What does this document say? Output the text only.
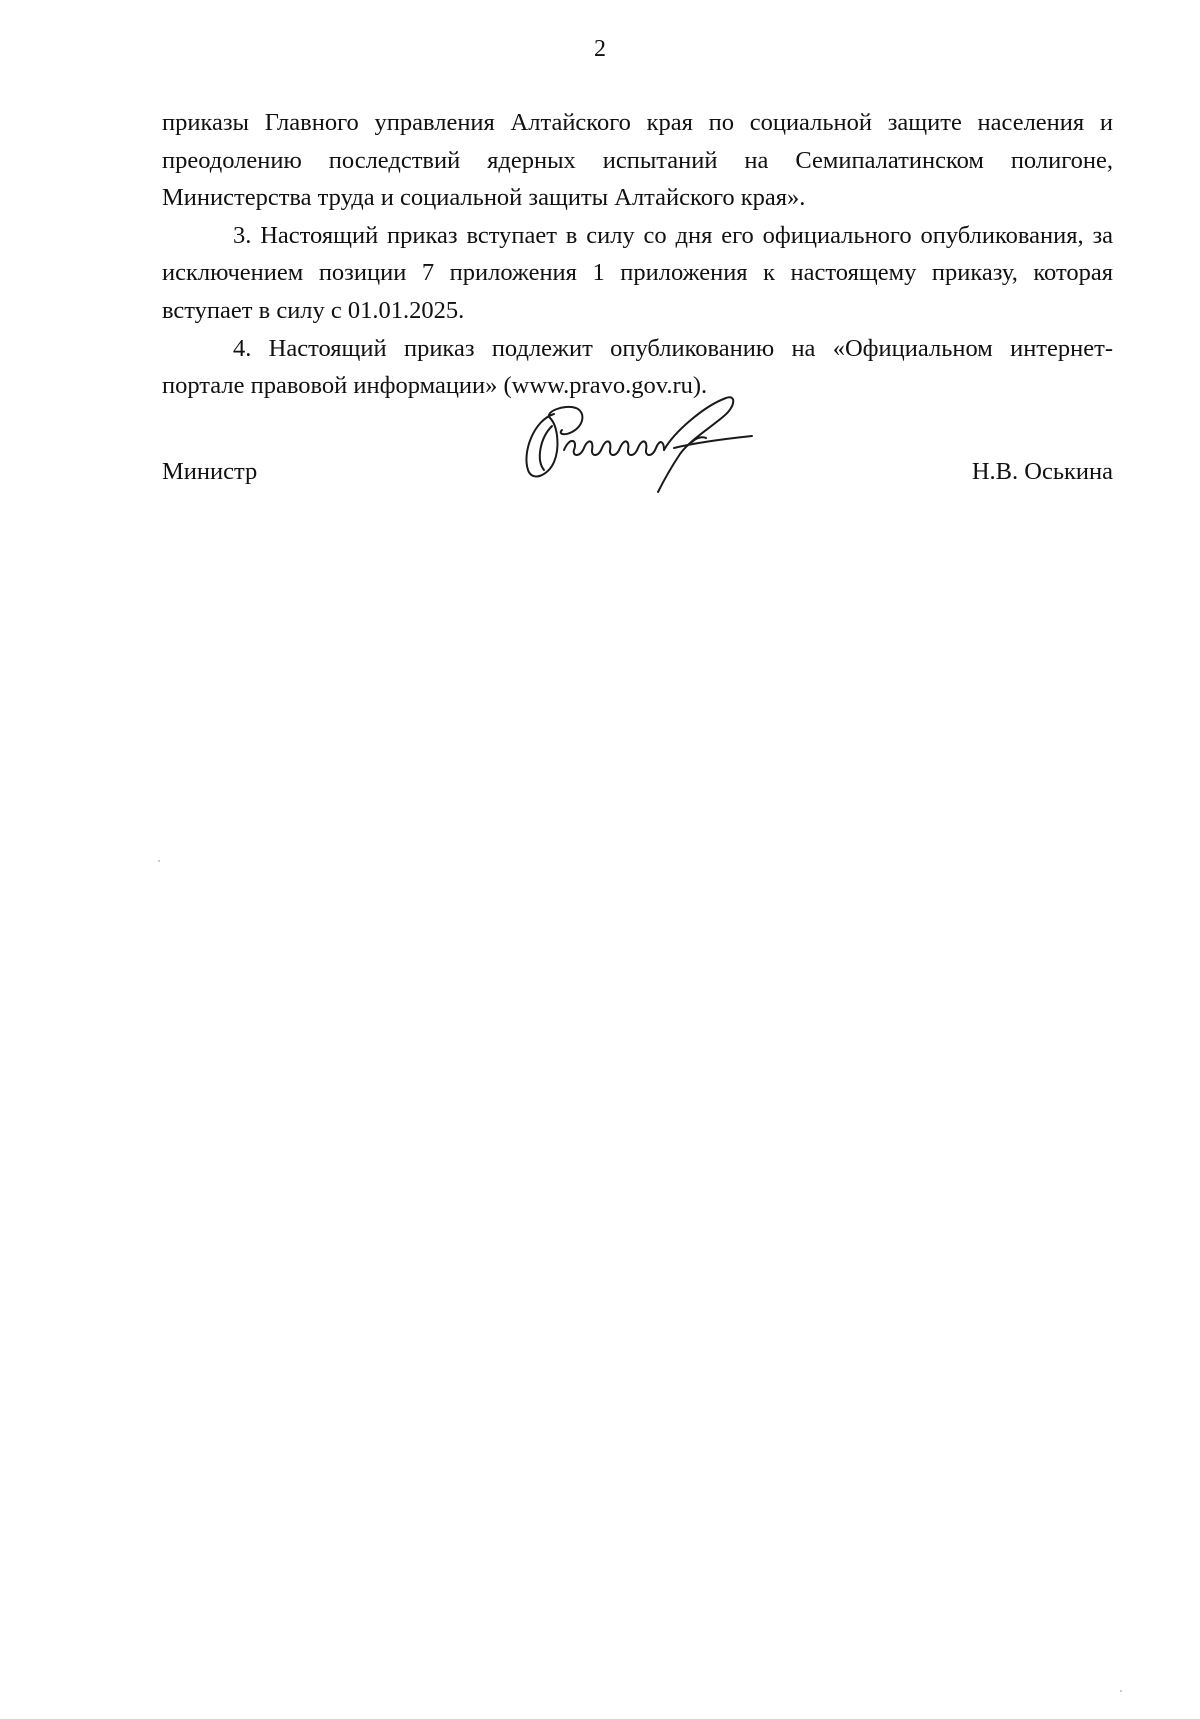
2

приказы Главного управления Алтайского края по социальной защите населения и преодолению последствий ядерных испытаний на Семипалатинском полигоне, Министерства труда и социальной защиты Алтайского края».

3. Настоящий приказ вступает в силу со дня его официального опубликования, за исключением позиции 7 приложения 1 приложения к настоящему приказу, которая вступает в силу с 01.01.2025.

4. Настоящий приказ подлежит опубликованию на «Официальном интернет-портале правовой информации» (www.pravo.gov.ru).

Министр	Н.В. Оськина
